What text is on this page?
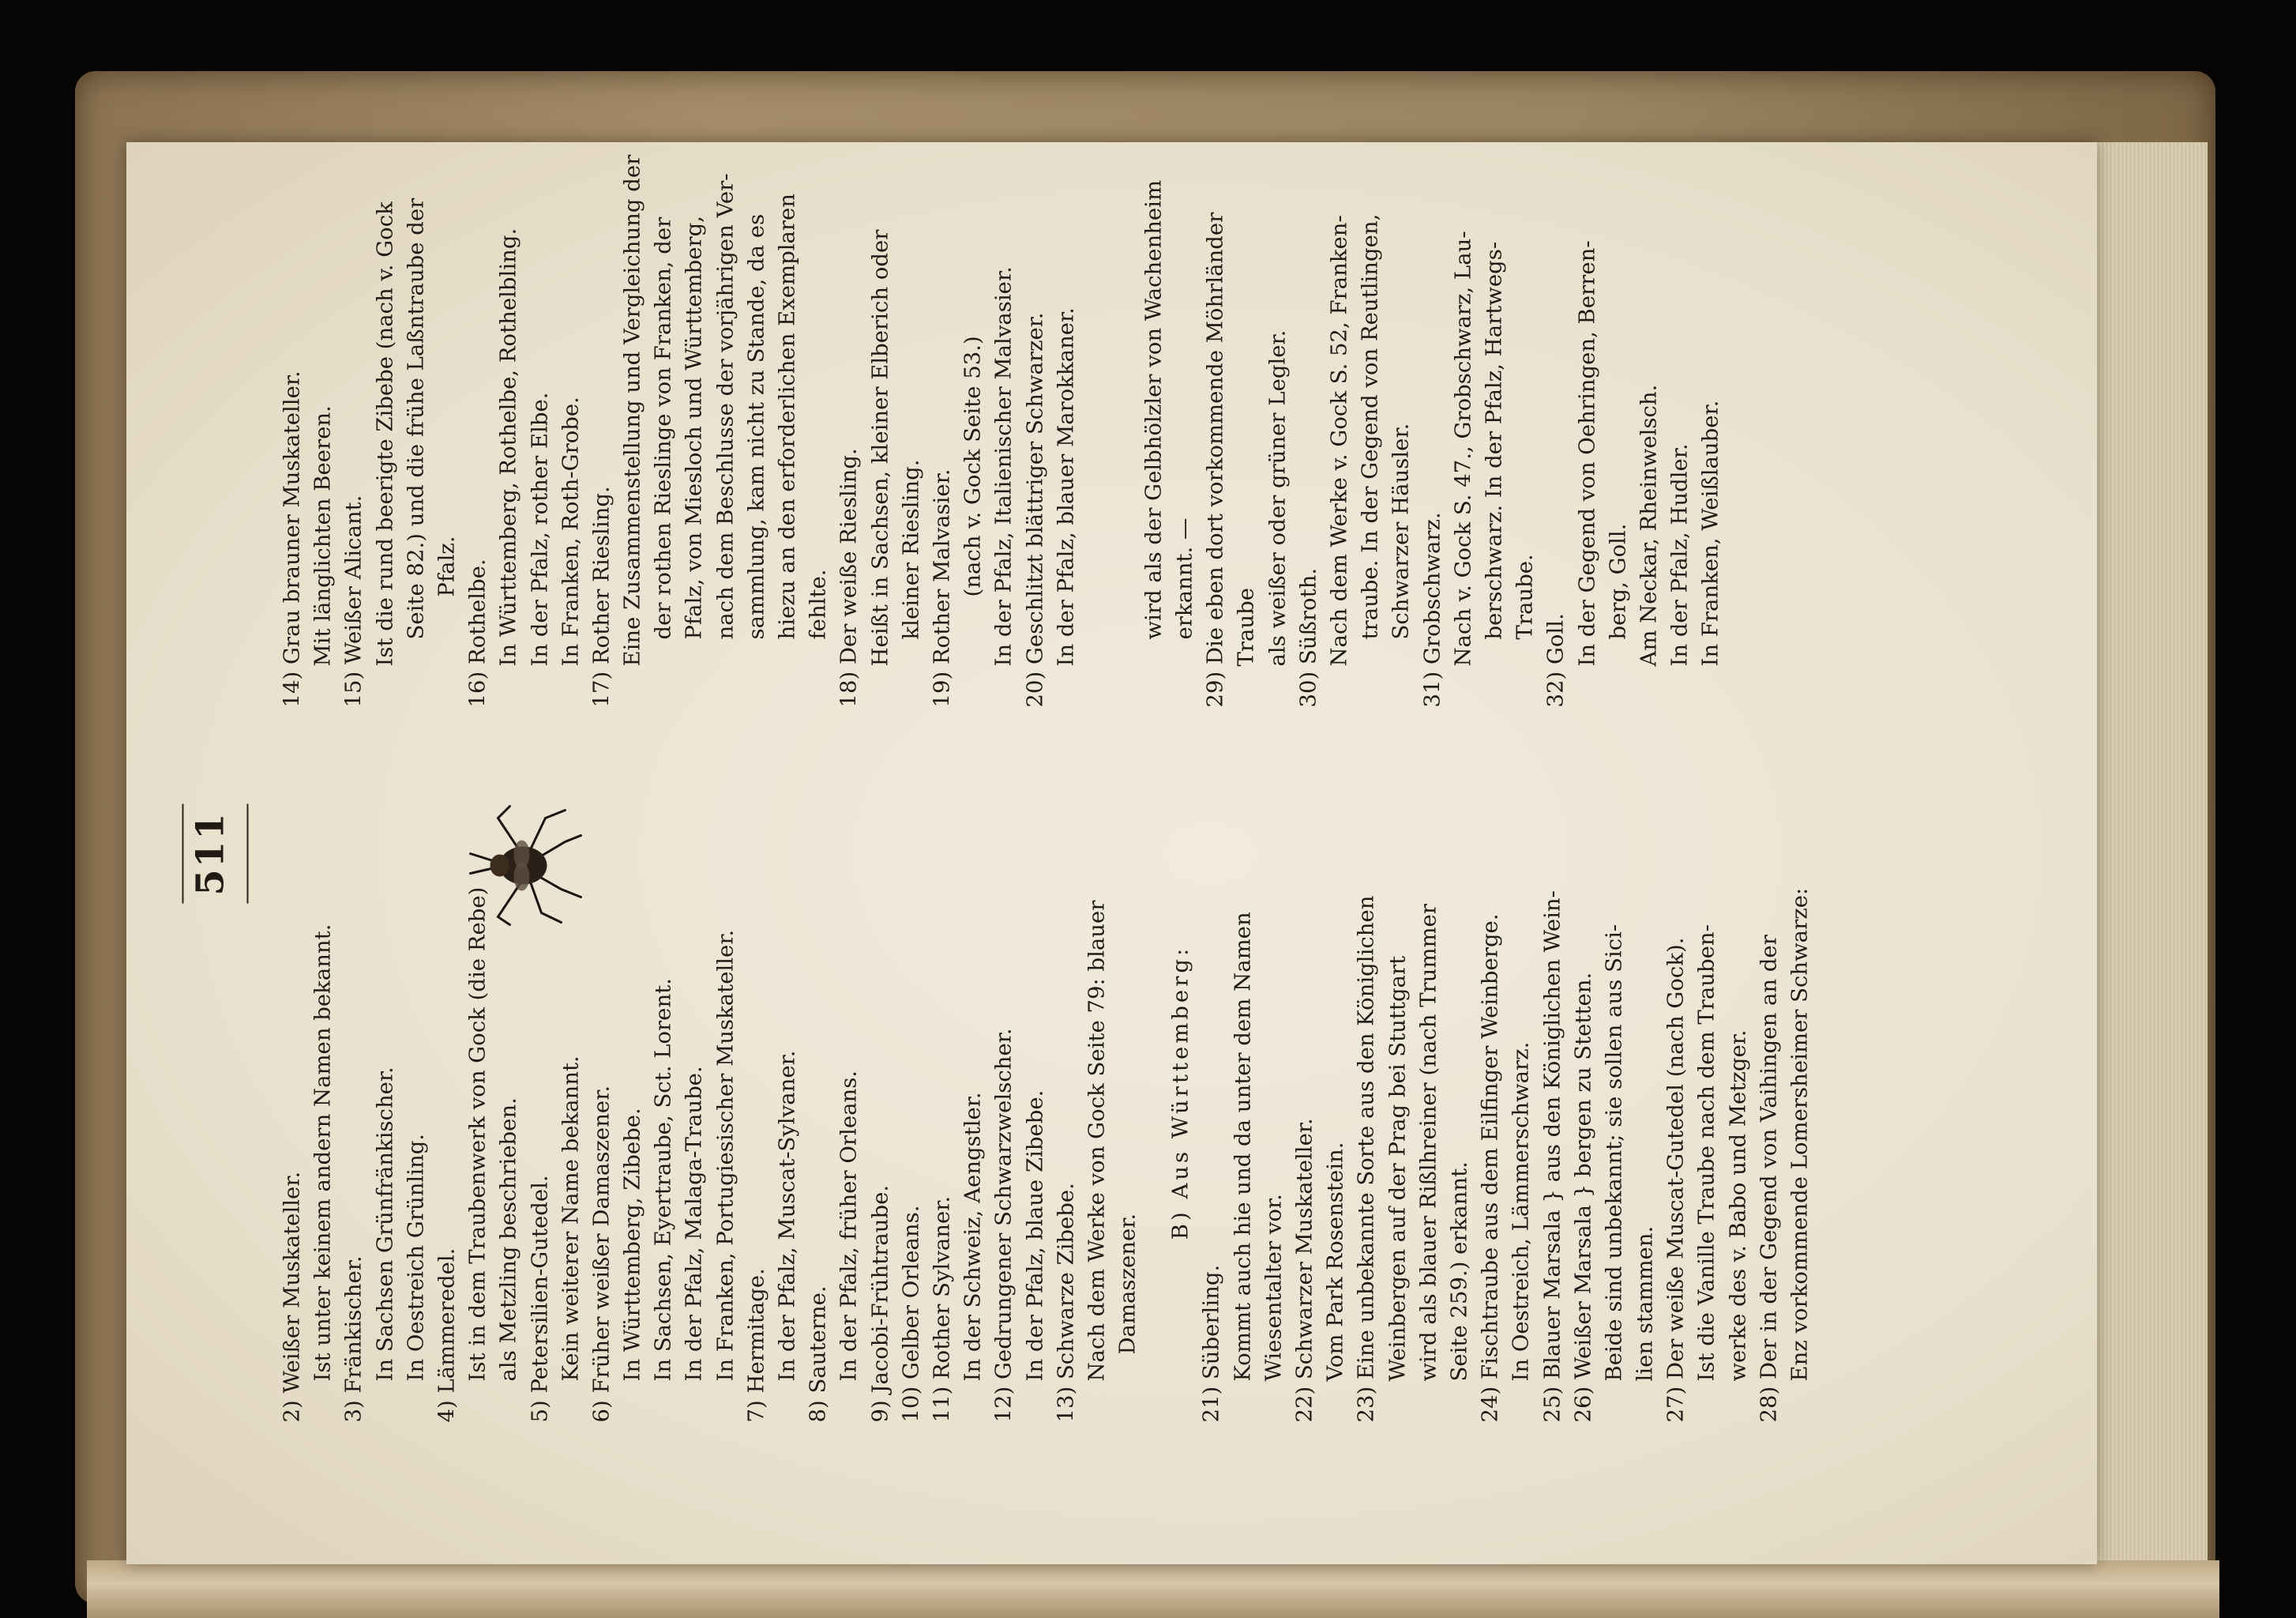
511
2) Weißer Muskateller. Ist unter keinem andern Namen bekannt. 3) Fränkischer. In Sachsen Grünfränkischer. In Oestreich Grünling. 4) Lämmeredel. Ist in dem Traubenwerk von Gock (die Rebe) als Metzling beschrieben. 5) Petersilien-Gutedel. Kein weiterer Name bekannt. 6) Früher weißer Damaszener. In Württemberg, Zibebe. In Sachsen, Eyertraube, Sct. Lorent. In der Pfalz, Malaga-Traube. In Franken, Portugiesischer Muskateller. 7) Hermitage. In der Pfalz, Muscat-Sylvaner. 8) Sauterne. In der Pfalz, früher Orleans. 9) Jacobi-Frühtraube. 10) Gelber Orleans. 11) Rother Sylvaner. In der Schweiz, Aengstler. 12) Gedrungener Schwarzwelscher. In der Pfalz, blaue Zibebe. 13) Schwarze Zibebe. Nach dem Werke von Gock Seite 79: blauer Damaszener.
B) Aus Württemberg:
21) Süberling. Kommt auch hie und da unter dem Namen Wiesentalter vor. 22) Schwarzer Muskateller. Vom Park Rosenstein. 23) Eine unbekannte Sorte aus den Königlichen Weinbergen auf der Prag bei Stuttgart wird als blauer Rißlhreiner (nach Trummer Seite 259.) erkannt. 24) Fischtraube aus dem Eilfinger Weinberge. In Oestreich, Lämmerschwarz. 25) Blauer Marsala } aus den Königlichen Wein- 26) Weißer Marsala } bergen zu Stetten. Beide sind unbekannt; sie sollen aus Sici- lien stammen. 27) Der weiße Muscat-Gutedel (nach Gock). Ist die Vanille Traube nach dem Trauben- werke des v. Babo und Metzger. 28) Der in der Gegend von Vaihingen an der Enz vorkommende Lomersheimer Schwarze:
14) Grau brauner Muskateller. Mit länglichten Beeren. 15) Weißer Alicant. Ist die rund beerigte Zibebe (nach v. Gock Seite 82.) und die frühe Laßntraube der Pfalz. 16) Rothelbe. In Württemberg, Rothelbe, Rothelbling. In der Pfalz, rother Elbe. In Franken, Roth-Grobe. 17) Rother Riesling. Eine Zusammenstellung und Vergleichung der der rothen Rieslinge von Franken, der Pfalz, von Miesloch und Württemberg, nach dem Beschlusse der vorjährigen Ver- sammlung, kam nicht zu Stande, da es hiezu an den erforderlichen Exemplaren fehlte. 18) Der weiße Riesling. Heißt in Sachsen, kleiner Elberich oder kleiner Riesling. 19) Rother Malvasier. (nach v. Gock Seite 53.) In der Pfalz, Italienischer Malvasier. 20) Geschlitzt blättriger Schwarzer. In der Pfalz, blauer Marokkaner.	wird als der Gelbhölzler von Wachenheim erkannt. — 29) Die eben dort vorkommende Möhrländer Traube als weißer oder grüner Legler. 30) Süßroth. Nach dem Werke v. Gock S. 52, Franken- traube. In der Gegend von Reutlingen, Schwarzer Häusler. 31) Grobschwarz. Nach v. Gock S. 47., Grobschwarz, Lau- berschwarz. In der Pfalz, Hartwegs- Traube.
32) Goll. In der Gegend von Oehringen, Berren- berg, Goll. Am Neckar, Rheinwelsch. In der Pfalz, Hudler. In Franken, Weißlauber.
